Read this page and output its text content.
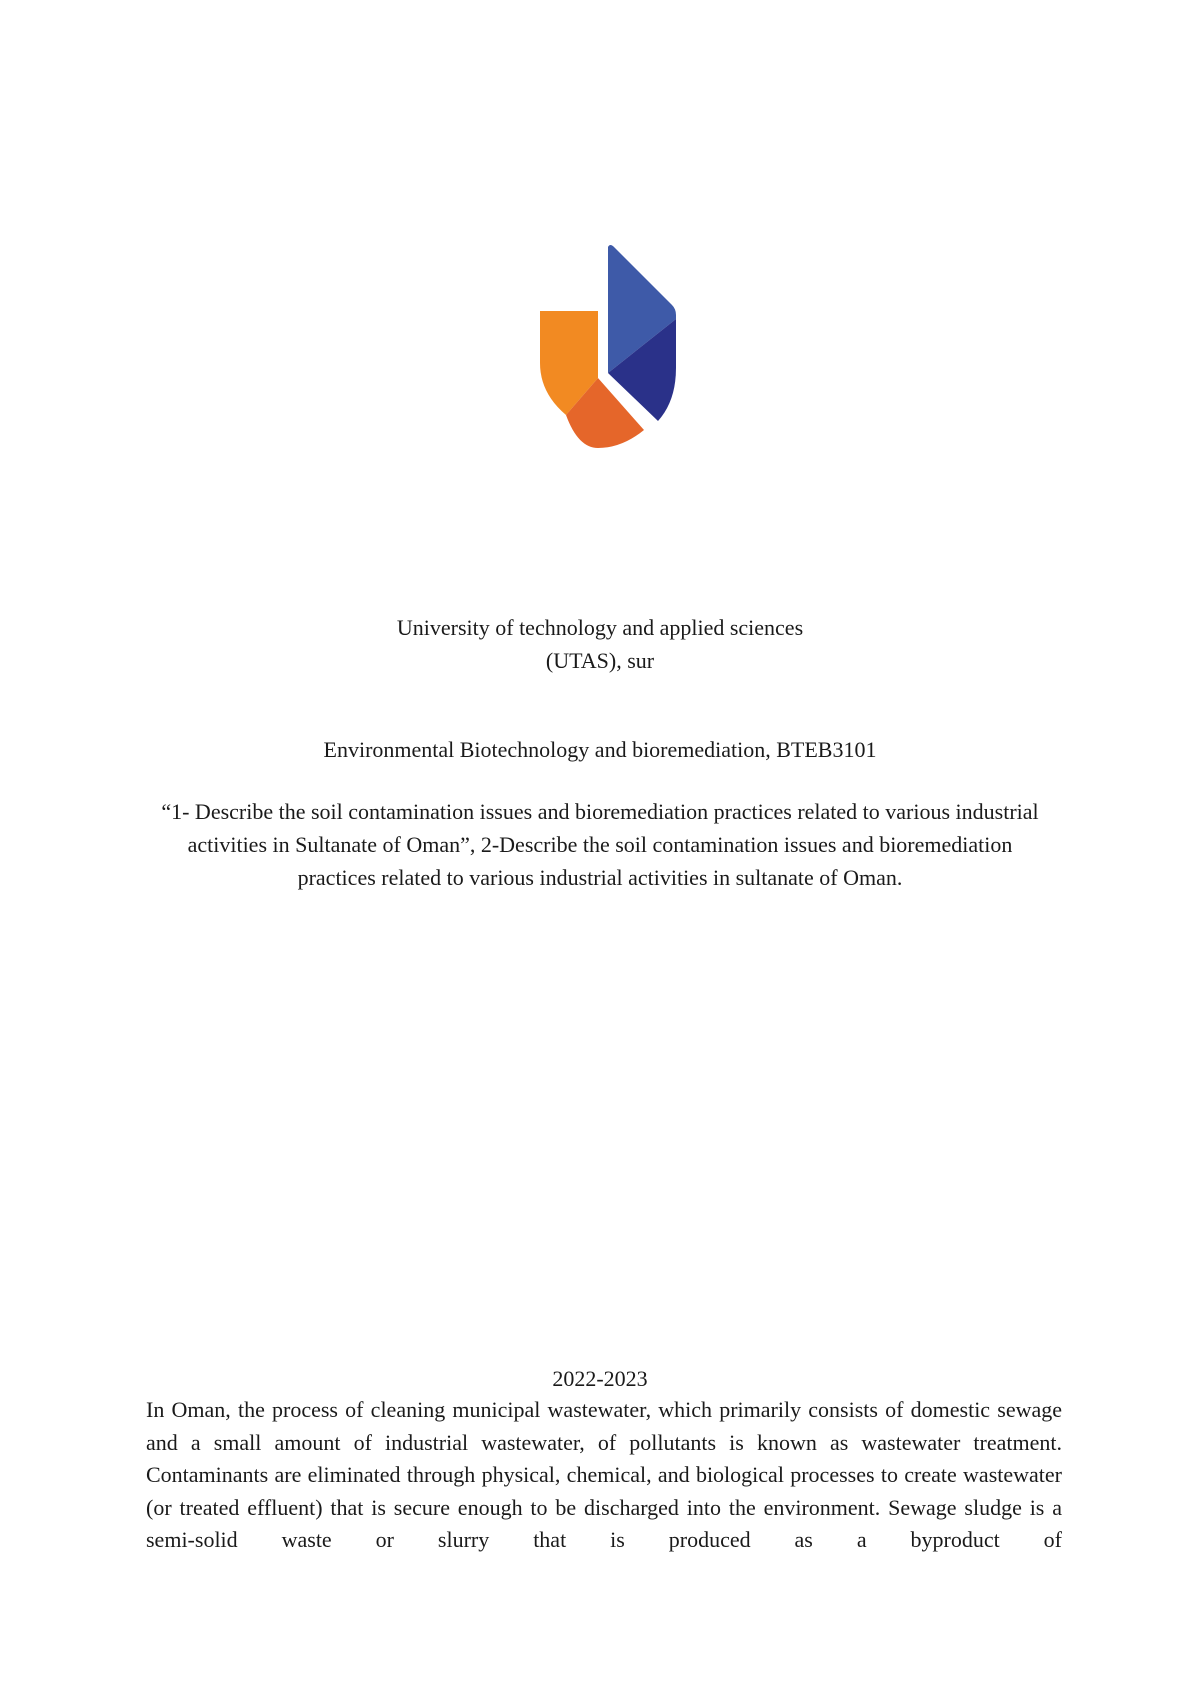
University of technology and applied sciences
(UTAS), sur
Environmental Biotechnology and bioremediation, BTEB3101
“1- Describe the soil contamination issues and bioremediation practices related to various industrial activities in Sultanate of Oman”, 2-Describe the soil contamination issues and bioremediation practices related to various industrial activities in sultanate of Oman.
2022-2023

In Oman, the process of cleaning municipal wastewater, which primarily consists of domestic sewage and a small amount of industrial wastewater, of pollutants is known as wastewater treatment. Contaminants are eliminated through physical, chemical, and biological processes to create wastewater (or treated effluent) that is secure enough to be discharged into the environment. Sewage sludge is a semi-solid waste or slurry that is produced as a byproduct of
